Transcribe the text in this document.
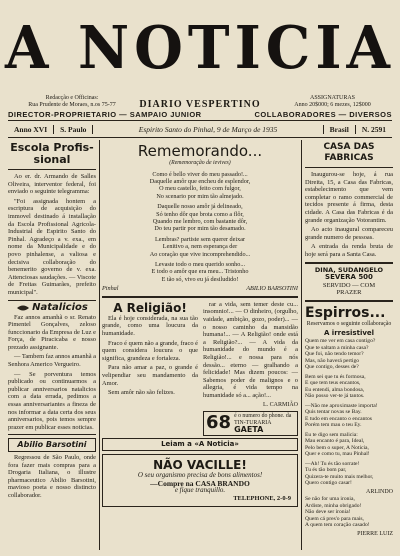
A NOTICIA
Redacção e Officinas:
Rua Prudente de Moraes, n.os 75-77	DIARIO VESPERTINO
ASSIGNATURAS
Anno 20$000; 6 mezes, 12$000
DIRECTOR-PROPRIETARIO — SAMPAIO JUNIOR	COLLABORADORES — DIVERSOS
Anno XVI	S. Paulo	Espirito Santo do Pinhal, 9 de Março de 1935	Brasil	N. 2591
Escola Profis-sional

Ao er. dr. Armando de Salles Oliveira, interventor federal, foi enviado o seguinte telegramma:

"Foi assignada hontem a escriptura de acquisição do immovel destinado á installação da Escola Profissional Agricola-Industrial de Espirito Santo do Pinhal. Agradeço a v. exa., em nome da Municipalidade e do povo pinhalense, a valiosa e decisiva collaboração do benemerito governo de v. exa. Attenciosas saudações. — Viscote de Freitas Guimarães, prefeito municipal".

Natalicios

Faz annos amanhã o sr. Renato Pimentel Gonçalves, zeloso funccionario da Empresa de Luz e Força, de Piracicaba e nosso prezado assignante.

— Tambem faz annos amanhã a Senhora Americo Vergueiro.

— Se porventura temos publicado ou continuarmos a publicar anniversarios natalicios com a data errada, pedimos a essas anniversariantes a fineza de nos informar a data certa dos seus anniversarios, pois temos sempre prazer em publicar esses noticias.

Abilio Barsotini

Regressou de São Paulo, onde fora fazer mais compras para a Drogaria Italiana, o illustre pharmaceutico Abilio Barsotini, mavioso poeta e nosso distincto collaborador.

Rememorando...
(Rememoração de ievives)
Como é bello viver do meu passado!...
Daquelle amôr que encheu de esplendor,
O meu castello, feito com fulgor,
No scenario por mim tão almejado.

Daquelle nosso amôr já delineado,
Só tenho dôr que brota como a flôr,
Quando me lembro, com bastante dôr,
Do teu partir por mim tão desamado.

Lembras? partiste sem querer deixar
Lenitivo a, nem esperança der
Ao coração que vive incomprehendido...

Levaste todo o meu querido sonho...
E todo o amôr que era meu... Tristonho
E tão só, vivo eu já desiludido!
Pinhal	ABILIO BARSOTINI
A Religião!

Ela é hoje considerada, na sua tão grande, como uma loucura da humanidade.

Fraco é quem não a grande, fraco é quem considera loucura o que significa, grandeza e fortaleza.

Para não amar a paz, o grande é velipendiar seu mandamento da Amor.

Sem amôr não são felizes.

rar a vida, sem temer deste cu... insomnio!... — O dinheiro, (orgulho, vaidade, ambição, gozo, poder)... — o nosso caminho da mansidão humana!... — A Religião! onde está a Religião?... — A vida da humanidade do mundo é a Religião!... e nossa para nós dessão... eterno — gralhando a felicidade! Mas dizem poucos: — Sabemos poder de malignos e o allegria, é vida tempo na humanidade só a... ação!...

L. CARMIÃO
68 é o numero do phone. da TIN-TURARIA
GAETA
Leiam a «A Noticia»
NÃO VACILLE!
O seu organismo precisa de bons alimentos!
—Compre na CASA BRANDO
e fique tranquillo.
TELEPHONE, 2-0-9
CASA DAS FABRICAS

Inaugurou-se hoje, á rua Direita, 15, a Casa das Fabricas, estabelecimento que vem completar o ramo commercial de tecidos presente á firma, desta cidade. A Casa das Fabricas é da grande organização Votorantim.

Ao acto inaugural compareceu grande numero de pessoas.

A entrada da renda bruta de hoje será para a Santa Casa.

DINA, SUDANGELO
SEVERA 500
SERVIDO — COM
PRAZER
Espirros...
Reservamos o seguinte collaboração
A irresistivel
Quem me ver em casa contigo?
Que te saltam a minha casa?
Que foi, não tendo temor?
Mas, não haverá pertigo
Que contigo, desses de?

Bem sei que tu és formosa,
E que tem teus encantos,
Eu entendi, alma bondosa,
Não posso ver-te já tantos.

—Não me aproximaste importa!
Quis tentar novas se Bay.
E tudo em encanto o encantos
Porém tem mau o teu Ey.

Eu te digo sem malicia:
Mau encanto é para, Ideal,
Pelo bem o super, A Noticia,
Quer e como tu, mau Pinhal!

—Ah! Tu és tão sorrate!
Tu és tão bom par,
Quizera-te muito mais melhor,
Quero contigo casar!
ARLINDO
Se não for uma ironia,
Ardiste, minha obrigado!
Não deve ser ironia!
Quem cá pres'o para mais,
A quem tem coração casado!
PIERRE LUIZ
